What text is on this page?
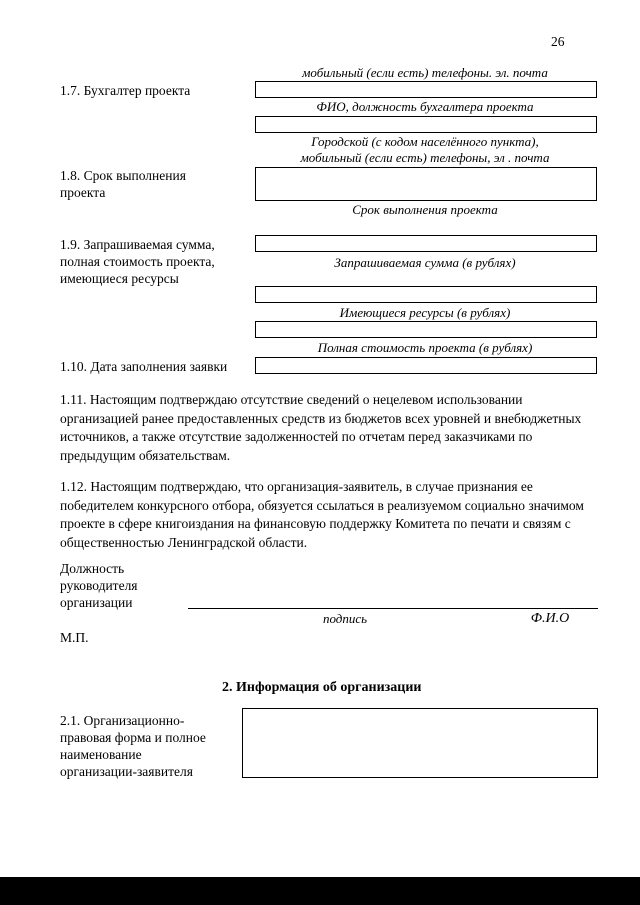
26
мобильный (если есть) телефоны. эл. почта
1.7. Бухгалтер проекта
ФИО, должность бухгалтера проекта
Городской (с кодом населённого пункта),
мобильный (если есть) телефоны, эл . почта
1.8. Срок выполнения
проекта
Срок выполнения проекта
1.9. Запрашиваемая сумма,
полная стоимость проекта,
имеющиеся ресурсы
Запрашиваемая сумма (в рублях)
Имеющиеся ресурсы (в рублях)
Полная стоимость проекта (в рублях)
1.10. Дата заполнения заявки
1.11. Настоящим подтверждаю отсутствие сведений о нецелевом использовании организацией ранее предоставленных средств из бюджетов всех уровней и внебюджетных источников, а также отсутствие задолженностей по отчетам перед заказчиками по предыдущим обязательствам.
1.12. Настоящим подтверждаю, что организация-заявитель, в случае признания ее победителем конкурсного отбора, обязуется ссылаться в реализуемом социально значимом проекте в сфере книгоиздания на финансовую поддержку Комитета по печати и связям с общественностью Ленинградской области.
Должность
руководителя
организации
подпись	Ф.И.О
М.П.
2. Информация об организации
2.1. Организационно-
правовая форма и полное
наименование
организации-заявителя
